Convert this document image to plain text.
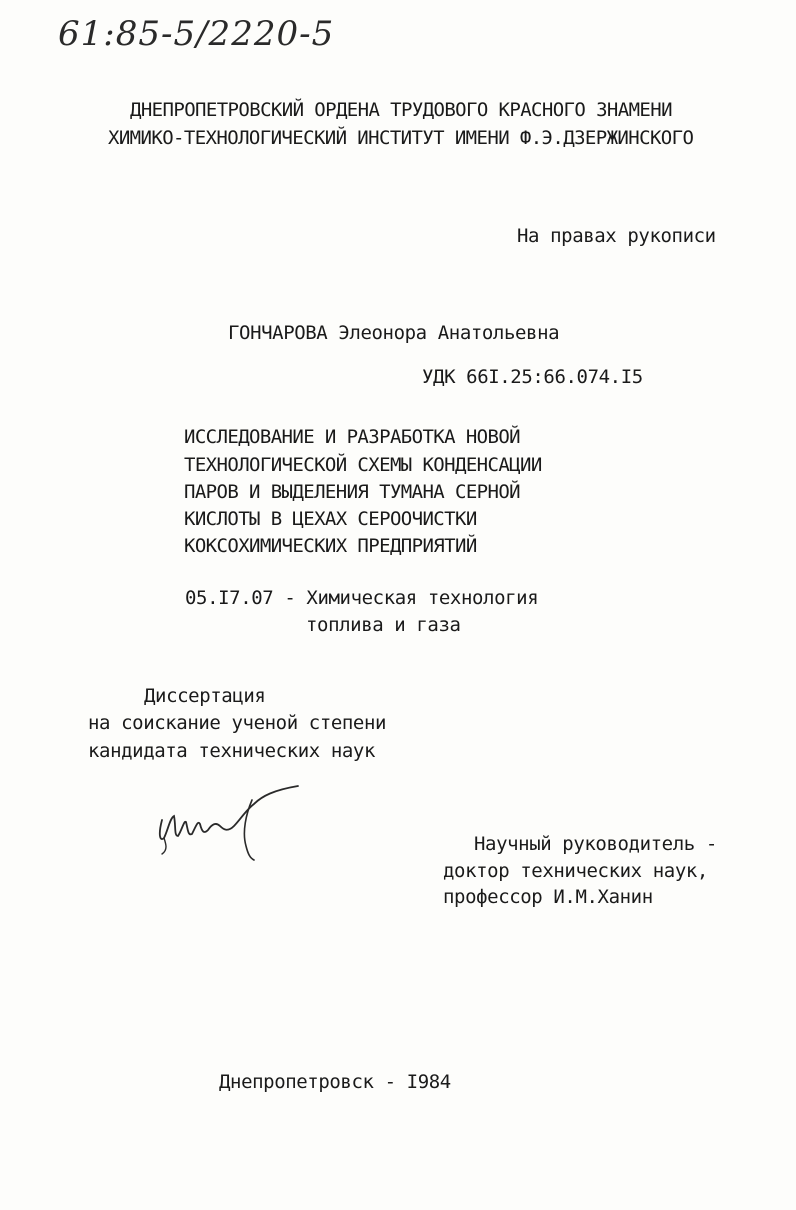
61:85-5/2220-5
ДНЕПРОПЕТРОВСКИЙ ОРДЕНА ТРУДОВОГО КРАСНОГО ЗНАМЕНИ
ХИМИКО-ТЕХНОЛОГИЧЕСКИЙ ИНСТИТУТ ИМЕНИ Ф.Э.ДЗЕРЖИНСКОГО
На правах рукописи
ГОНЧАРОВА Элеонора Анатольевна
УДК 66I.25:66.074.I5
ИССЛЕДОВАНИЕ И РАЗРАБОТКА НОВОЙ
ТЕХНОЛОГИЧЕСКОЙ СХЕМЫ КОНДЕНСАЦИИ
ПАРОВ И ВЫДЕЛЕНИЯ ТУМАНА СЕРНОЙ
КИСЛОТЫ В ЦЕХАХ СЕРООЧИСТКИ
КОКСОХИМИЧЕСКИХ ПРЕДПРИЯТИЙ
05.I7.07 - Химическая технология
топлива и газа
Диссертация
на соискание ученой степени
кандидата технических наук
Научный руководитель -
доктор технических наук,
профессор И.М.Ханин
Днепропетровск - I984
